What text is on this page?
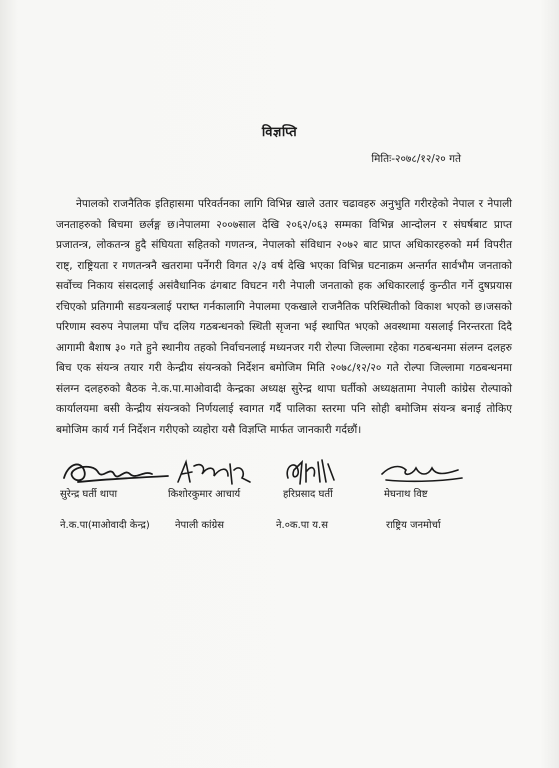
विज्ञप्ति
मितिः-२०७८/१२/२० गते
नेपालको राजनैतिक इतिहासमा परिवर्तनका लागि विभिन्न खाले उतार चढावहरु अनुभुति गरीरहेको नेपाल र नेपाली जनताहरुको बिचमा छर्लङ्ग छ।नेपालमा २००७साल देखि २०६२/०६३ सम्मका विभिन्न आन्दोलन र संघर्षबाट प्राप्त प्रजातन्त्र, लोकतन्त्र हुदै संघियता सहितको गणतन्त्र, नेपालको संविधान २०७२ बाट प्राप्त अधिकारहरुको मर्म विपरीत राष्ट्, राष्ट्रियता र गणतन्त्रनै खतरामा पर्नेगरी विगत २/३ वर्ष देखि भएका विभिन्न घटनाक्रम अन्तर्गत सार्वभौम जनताको सर्वोच्च निकाय संसदलाई असंवैधानिक ढंगबाट विघटन गरी नेपाली जनताको हक अधिकारलाई कुन्ठीत गर्ने दुषप्रयास रचिएको प्रतिगामी सडयन्त्रलाई पराष्त गर्नकालागि नेपालमा एकखाले राजनैतिक परिस्थितीको विकाश भएको छ।जसको परिणाम स्वरुप नेपालमा पाँच दलिय गठबन्धनको स्थिती सृजना भई स्थापित भएको अवस्थामा यसलाई निरन्तरता दिदै आगामी बैशाष ३० गते हुने स्थानीय तहको निर्वाचनलाई मध्यनजर गरी रोल्पा जिल्लामा रहेका गठबन्धनमा संलग्न दलहरु बिच एक संयन्त्र तयार गरी केन्द्रीय संयन्त्रको निर्देशन बमोजिम मिति २०७८/१२/२० गते रोल्पा जिल्लामा गठबन्धनमा संलग्न दलहरुको बैठक ने.क.पा.माओवादी केन्द्रका अध्यक्ष सुरेन्द्र थापा घर्तीको अध्यक्षतामा नेपाली कांग्रेस रोल्पाको कार्यालयमा बसी केन्द्रीय संयन्त्रको निर्णयलाई स्वागत गर्दै पालिका स्तरमा पनि सोही बमोजिम संयन्त्र बनाई तोकिए बमोजिम कार्य गर्न निर्देशन गरीएको व्यहोरा यसै विज्ञप्ति मार्फत जानकारी गर्दछौं।
सुरेन्द्र घर्ती थापा	किशोरकुमार आचार्य	हरिप्रसाद घर्ती	मेघनाथ विष्ट
ने.क.पा(माओवादी केन्द्र)	नेपाली कांग्रेस	ने.०क.पा य.स	राष्ट्रिय जनमोर्चा
